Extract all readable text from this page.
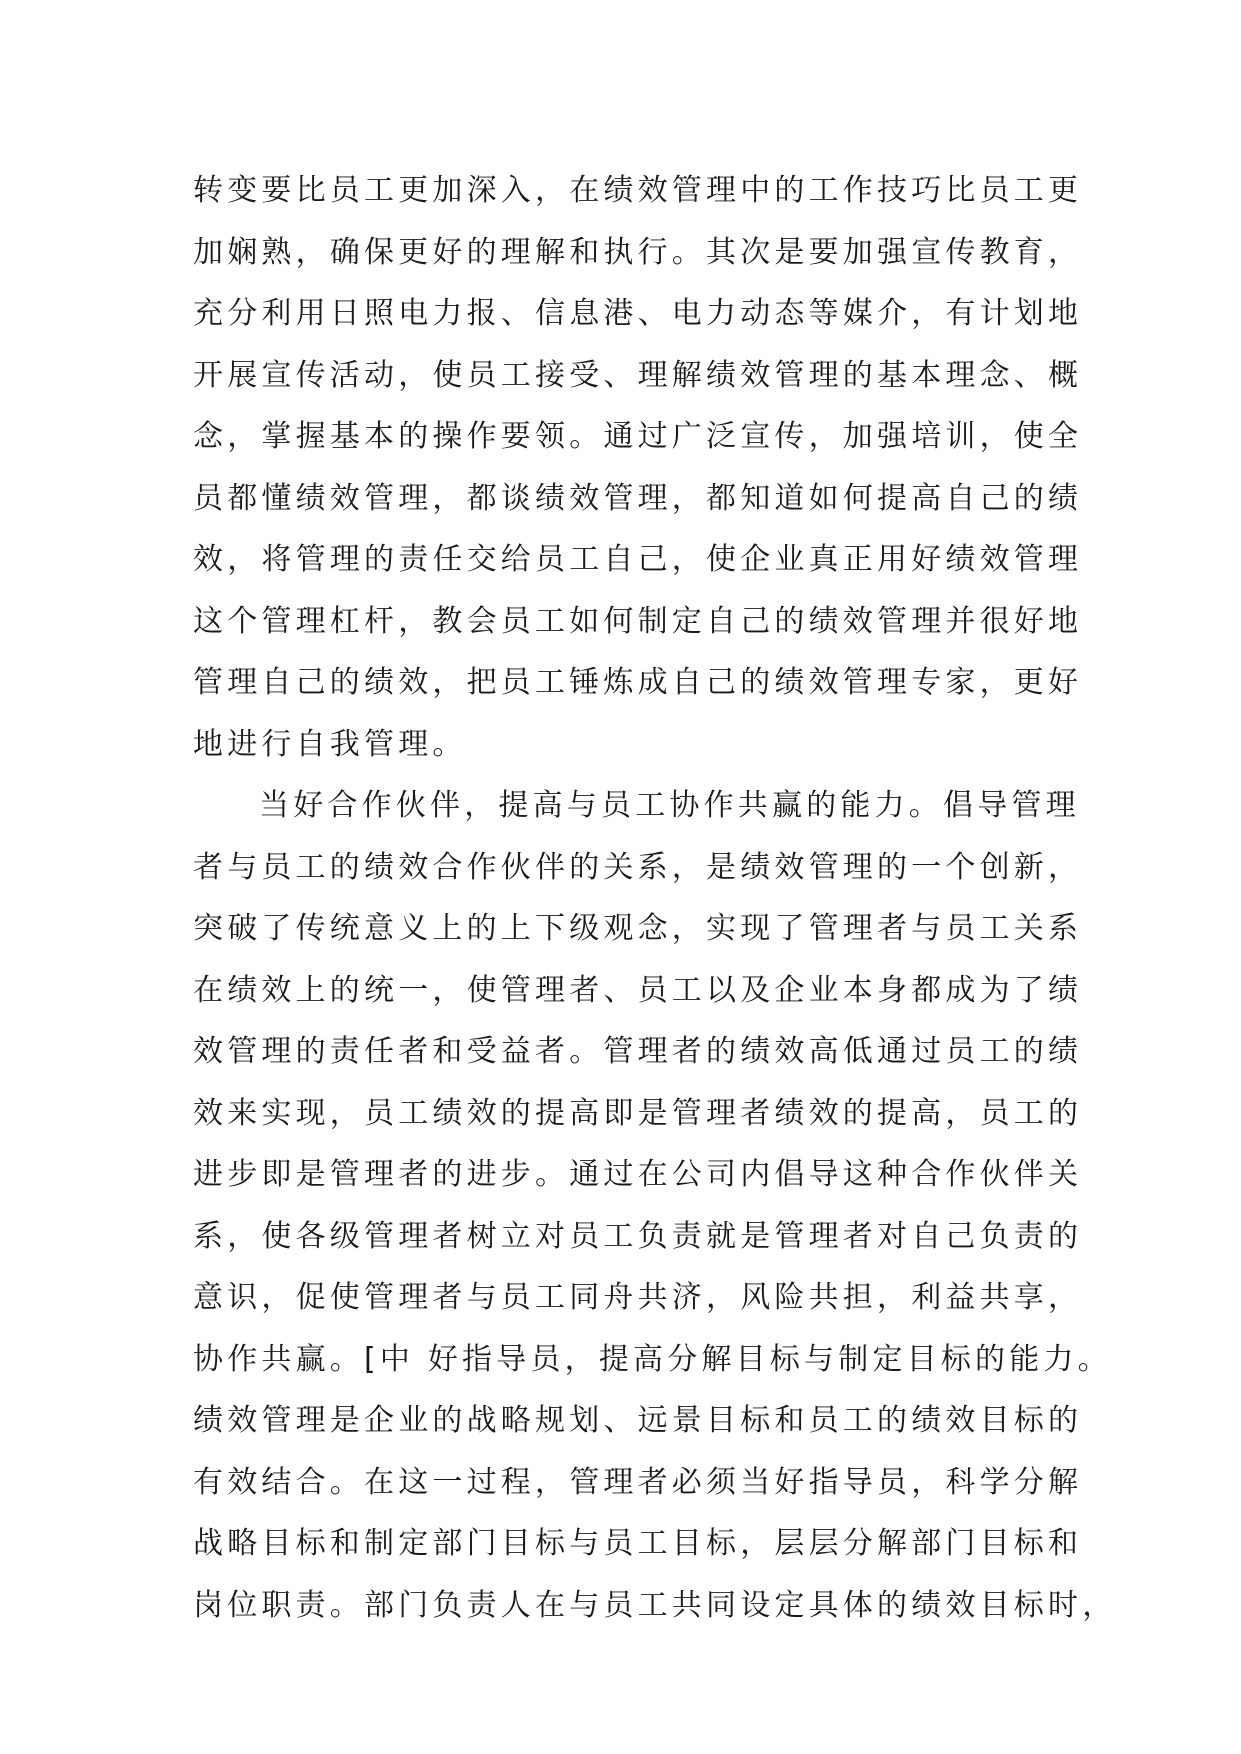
转变要比员工更加深入，在绩效管理中的工作技巧比员工更
加娴熟，确保更好的理解和执行。其次是要加强宣传教育，
充分利用日照电力报、信息港、电力动态等媒介，有计划地
开展宣传活动，使员工接受、理解绩效管理的基本理念、概
念，掌握基本的操作要领。通过广泛宣传，加强培训，使全
员都懂绩效管理，都谈绩效管理，都知道如何提高自己的绩
效，将管理的责任交给员工自己，使企业真正用好绩效管理
这个管理杠杆，教会员工如何制定自己的绩效管理并很好地
管理自己的绩效，把员工锤炼成自己的绩效管理专家，更好
地进行自我管理。
当好合作伙伴，提高与员工协作共赢的能力。倡导管理
者与员工的绩效合作伙伴的关系，是绩效管理的一个创新，
突破了传统意义上的上下级观念，实现了管理者与员工关系
在绩效上的统一，使管理者、员工以及企业本身都成为了绩
效管理的责任者和受益者。管理者的绩效高低通过员工的绩
效来实现，员工绩效的提高即是管理者绩效的提高，员工的
进步即是管理者的进步。通过在公司内倡导这种合作伙伴关
系，使各级管理者树立对员工负责就是管理者对自己负责的
意识，促使管理者与员工同舟共济，风险共担，利益共享，
协作共赢。[中 好指导员，提高分解目标与制定目标的能力。
绩效管理是企业的战略规划、远景目标和员工的绩效目标的
有效结合。在这一过程，管理者必须当好指导员，科学分解
战略目标和制定部门目标与员工目标，层层分解部门目标和
岗位职责。部门负责人在与员工共同设定具体的绩效目标时，
